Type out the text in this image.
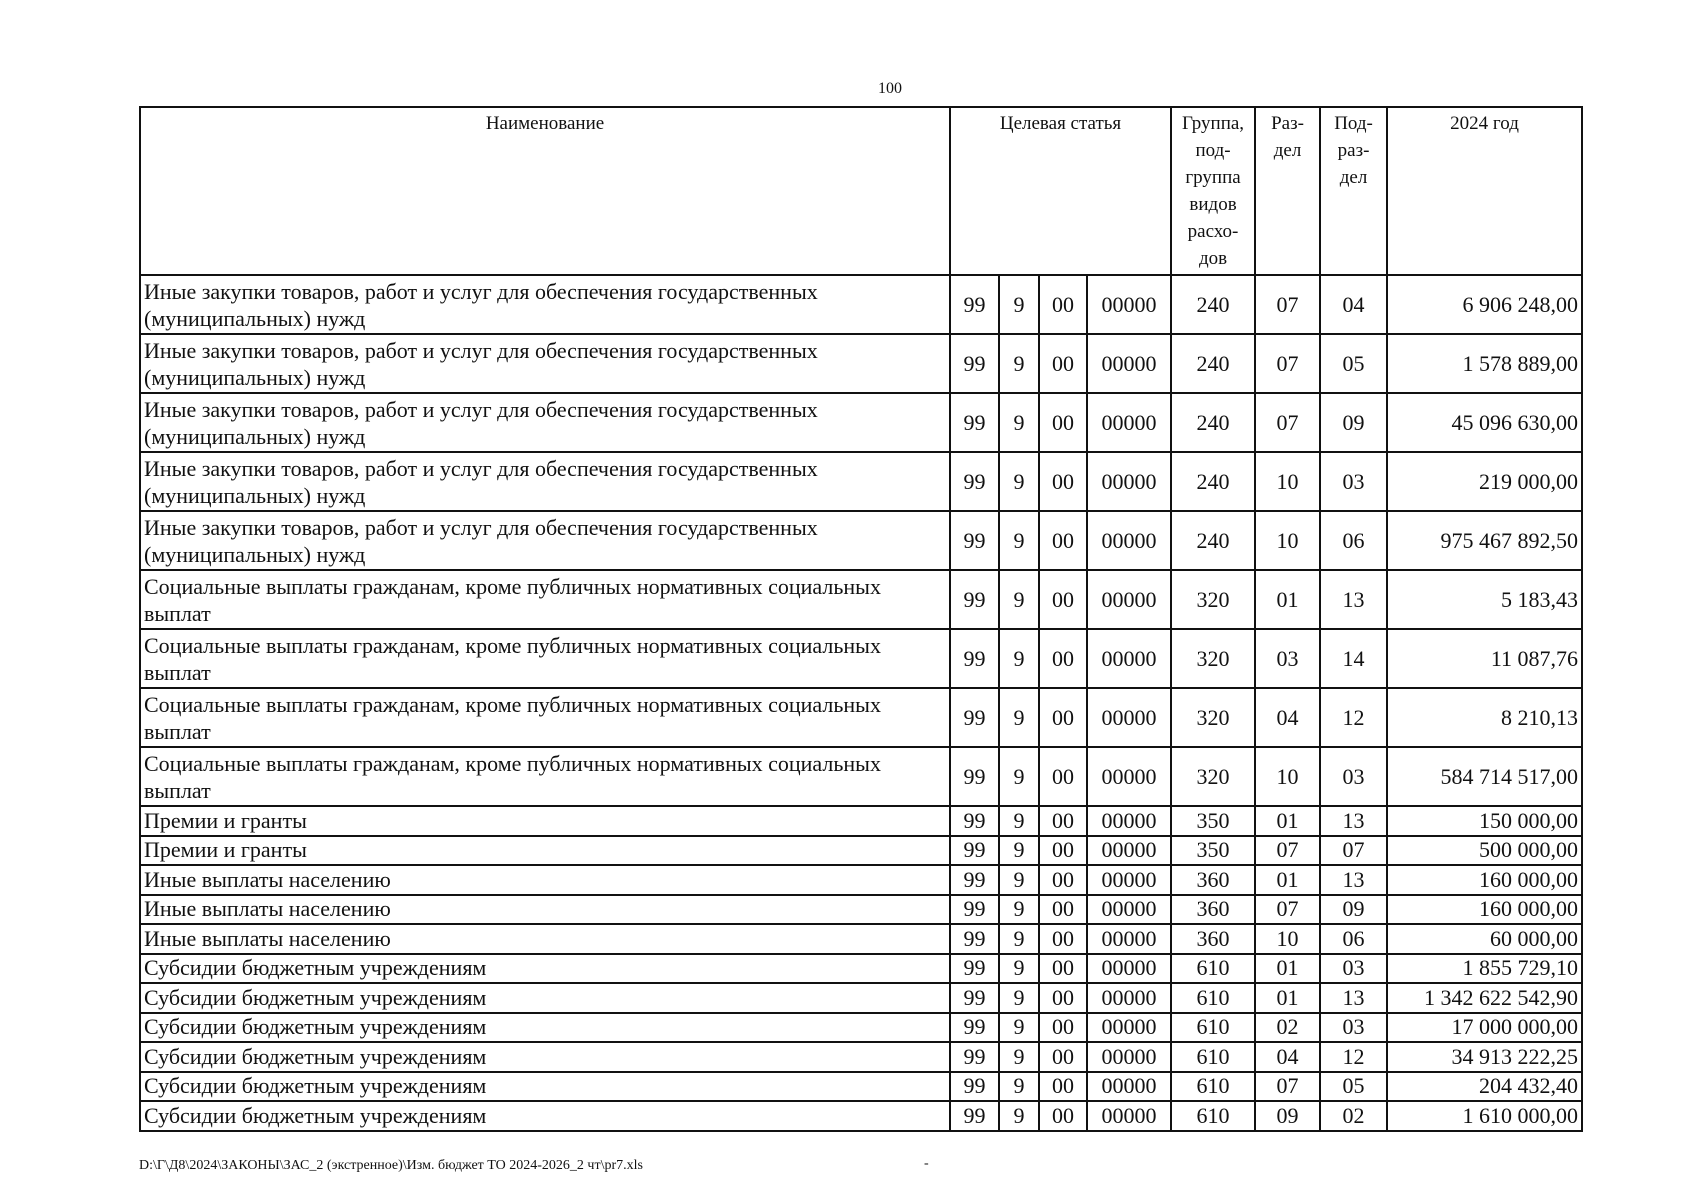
100
Наименование	Целевая статья				Группа, под-группа видов расхо-дов	Раз-дел	Под-раз-дел	2024 год
Иные закупки товаров, работ и услуг для обеспечения государственных (муниципальных) нужд	99	9	00	00000	240	07	04	6 906 248,00
Иные закупки товаров, работ и услуг для обеспечения государственных (муниципальных) нужд	99	9	00	00000	240	07	05	1 578 889,00
Иные закупки товаров, работ и услуг для обеспечения государственных (муниципальных) нужд	99	9	00	00000	240	07	09	45 096 630,00
Иные закупки товаров, работ и услуг для обеспечения государственных (муниципальных) нужд	99	9	00	00000	240	10	03	219 000,00
Иные закупки товаров, работ и услуг для обеспечения государственных (муниципальных) нужд	99	9	00	00000	240	10	06	975 467 892,50
Социальные выплаты гражданам, кроме публичных нормативных социальных выплат	99	9	00	00000	320	01	13	5 183,43
Социальные выплаты гражданам, кроме публичных нормативных социальных выплат	99	9	00	00000	320	03	14	11 087,76
Социальные выплаты гражданам, кроме публичных нормативных социальных выплат	99	9	00	00000	320	04	12	8 210,13
Социальные выплаты гражданам, кроме публичных нормативных социальных выплат	99	9	00	00000	320	10	03	584 714 517,00
Премии и гранты	99	9	00	00000	350	01	13	150 000,00
Премии и гранты	99	9	00	00000	350	07	07	500 000,00
Иные выплаты населению	99	9	00	00000	360	01	13	160 000,00
Иные выплаты населению	99	9	00	00000	360	07	09	160 000,00
Иные выплаты населению	99	9	00	00000	360	10	06	60 000,00
Субсидии бюджетным учреждениям	99	9	00	00000	610	01	03	1 855 729,10
Субсидии бюджетным учреждениям	99	9	00	00000	610	01	13	1 342 622 542,90
Субсидии бюджетным учреждениям	99	9	00	00000	610	02	03	17 000 000,00
Субсидии бюджетным учреждениям	99	9	00	00000	610	04	12	34 913 222,25
Субсидии бюджетным учреждениям	99	9	00	00000	610	07	05	204 432,40
Субсидии бюджетным учреждениям	99	9	00	00000	610	09	02	1 610 000,00
D:\Г\Д8\2024\ЗАКОНЫ\ЗАС_2 (экстренное)\Изм. бюджет ТО 2024-2026_2 чт\pr7.xls	-
